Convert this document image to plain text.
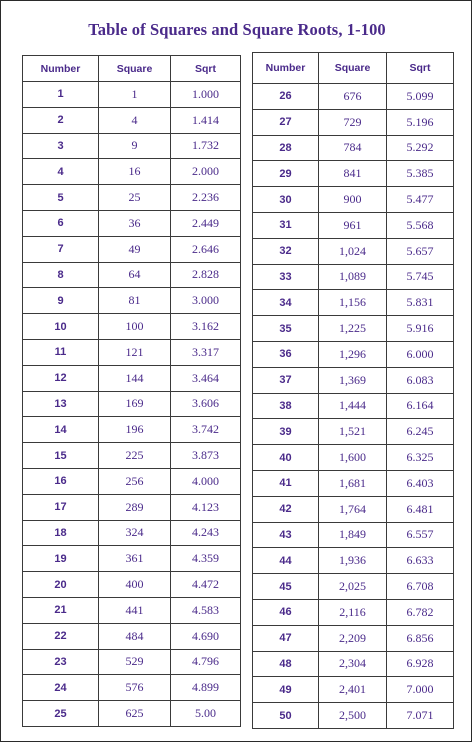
Table of Squares and Square Roots, 1-100
Number	Square	Sqrt
1	1	1.000
2	4	1.414
3	9	1.732
4	16	2.000
5	25	2.236
6	36	2.449
7	49	2.646
8	64	2.828
9	81	3.000
10	100	3.162
11	121	3.317
12	144	3.464
13	169	3.606
14	196	3.742
15	225	3.873
16	256	4.000
17	289	4.123
18	324	4.243
19	361	4.359
20	400	4.472
21	441	4.583
22	484	4.690
23	529	4.796
24	576	4.899
25	625	5.00
Number	Square	Sqrt
26	676	5.099
27	729	5.196
28	784	5.292
29	841	5.385
30	900	5.477
31	961	5.568
32	1,024	5.657
33	1,089	5.745
34	1,156	5.831
35	1,225	5.916
36	1,296	6.000
37	1,369	6.083
38	1,444	6.164
39	1,521	6.245
40	1,600	6.325
41	1,681	6.403
42	1,764	6.481
43	1,849	6.557
44	1,936	6.633
45	2,025	6.708
46	2,116	6.782
47	2,209	6.856
48	2,304	6.928
49	2,401	7.000
50	2,500	7.071
